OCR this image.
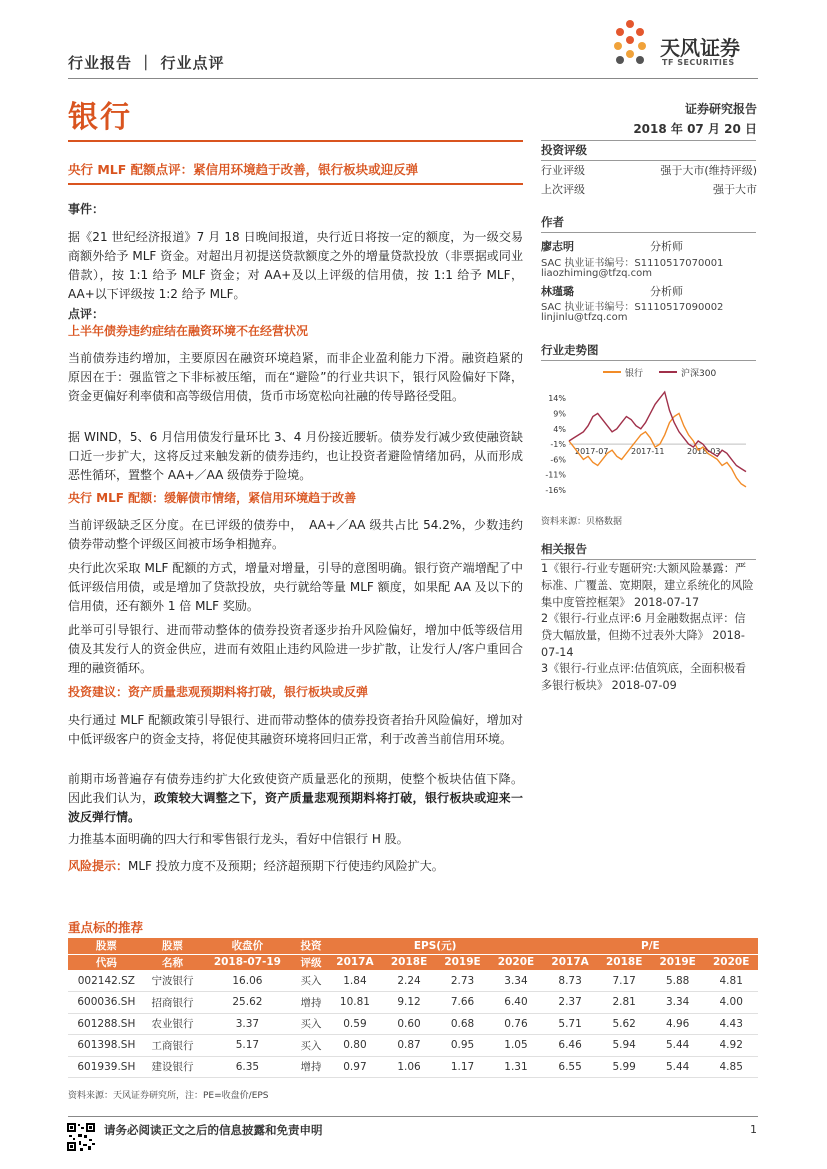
行业报告 ｜ 行业点评
天风证券
TF SECURITIES
银行	证券研究报告
2018 年 07 月 20 日
央行 MLF 配额点评：紧信用环境趋于改善，银行板块或迎反弹
事件：
据《21 世纪经济报道》7 月 18 日晚间报道，央行近日将按一定的额度，为一级交易商额外给予 MLF 资金。对超出月初提送贷款额度之外的增量贷款投放（非票据或同业借款），按 1:1 给予 MLF 资金；对 AA+及以上评级的信用债，按 1:1 给予 MLF，AA+以下评级按 1:2 给予 MLF。
点评：
上半年债券违约症结在融资环境不在经营状况
当前债券违约增加，主要原因在融资环境趋紧，而非企业盈利能力下滑。融资趋紧的原因在于：强监管之下非标被压缩，而在“避险”的行业共识下，银行风险偏好下降，资金更偏好利率债和高等级信用债，货币市场宽松向社融的传导路径受阻。
据 WIND，5、6 月信用债发行量环比 3、4 月份接近腰斩。债券发行减少致使融资缺口近一步扩大，这将反过来触发新的债券违约，也让投资者避险情绪加码，从而形成恶性循环，置整个 AA+／AA 级债券于险境。
央行 MLF 配额：缓解债市情绪，紧信用环境趋于改善
当前评级缺乏区分度。在已评级的债券中，　AA+／AA 级共占比 54.2%，少数违约债券带动整个评级区间被市场争相抛弃。
央行此次采取 MLF 配额的方式，增量对增量，引导的意图明确。银行资产端增配了中低评级信用债，或是增加了贷款投放，央行就给等量 MLF 额度，如果配 AA 及以下的信用债，还有额外 1 倍 MLF 奖励。
此举可引导银行、进而带动整体的债券投资者逐步抬升风险偏好，增加中低等级信用债及其发行人的资金供应，进而有效阻止违约风险进一步扩散，让发行人/客户重回合理的融资循环。
投资建议：资产质量悲观预期料将打破，银行板块或反弹
央行通过 MLF 配额政策引导银行、进而带动整体的债券投资者抬升风险偏好，增加对中低评级客户的资金支持，将促使其融资环境将回归正常，利于改善当前信用环境。
前期市场普遍存有债券违约扩大化致使资产质量恶化的预期，使整个板块估值下降。因此我们认为，政策较大调整之下，资产质量悲观预期料将打破，银行板块或迎来一波反弹行情。
力推基本面明确的四大行和零售银行龙头，看好中信银行 H 股。
风险提示：MLF 投放力度不及预期；经济超预期下行使违约风险扩大。
投资评级
行业评级	强于大市(维持评级)
上次评级	强于大市
作者
廖志明	分析师
SAC 执业证书编号：S1110517070001
liaozhiming@tfzq.com
林瑾璐	分析师
SAC 执业证书编号：S1110517090002
linjinlu@tfzq.com
行业走势图
银行	沪深300
14%
9%
4%
-1%
-6%
-11%
-16%
2017-07	2017-11	2018-03
资料来源：贝格数据
相关报告
1《银行-行业专题研究:大额风险暴露：严标准、广覆盖、宽期限，建立系统化的风险集中度管控框架》 2018-07-17
2《银行-行业点评:6 月金融数据点评：信贷大幅放量，但拗不过表外大降》 2018-07-14
3《银行-行业点评:估值筑底，全面积极看多银行板块》 2018-07-09
重点标的推荐
股票	股票	收盘价	投资	EPS(元)				P/E			
代码	名称	2018-07-19	评级	2017A	2018E	2019E	2020E	2017A	2018E	2019E	2020E
002142.SZ	宁波银行	16.06	买入	1.84	2.24	2.73	3.34	8.73	7.17	5.88	4.81
600036.SH	招商银行	25.62	增持	10.81	9.12	7.66	6.40	2.37	2.81	3.34	4.00
601288.SH	农业银行	3.37	买入	0.59	0.60	0.68	0.76	5.71	5.62	4.96	4.43
601398.SH	工商银行	5.17	买入	0.80	0.87	0.95	1.05	6.46	5.94	5.44	4.92
601939.SH	建设银行	6.35	增持	0.97	1.06	1.17	1.31	6.55	5.99	5.44	4.85
资料来源：天风证券研究所，注：PE=收盘价/EPS
请务必阅读正文之后的信息披露和免责申明	1
